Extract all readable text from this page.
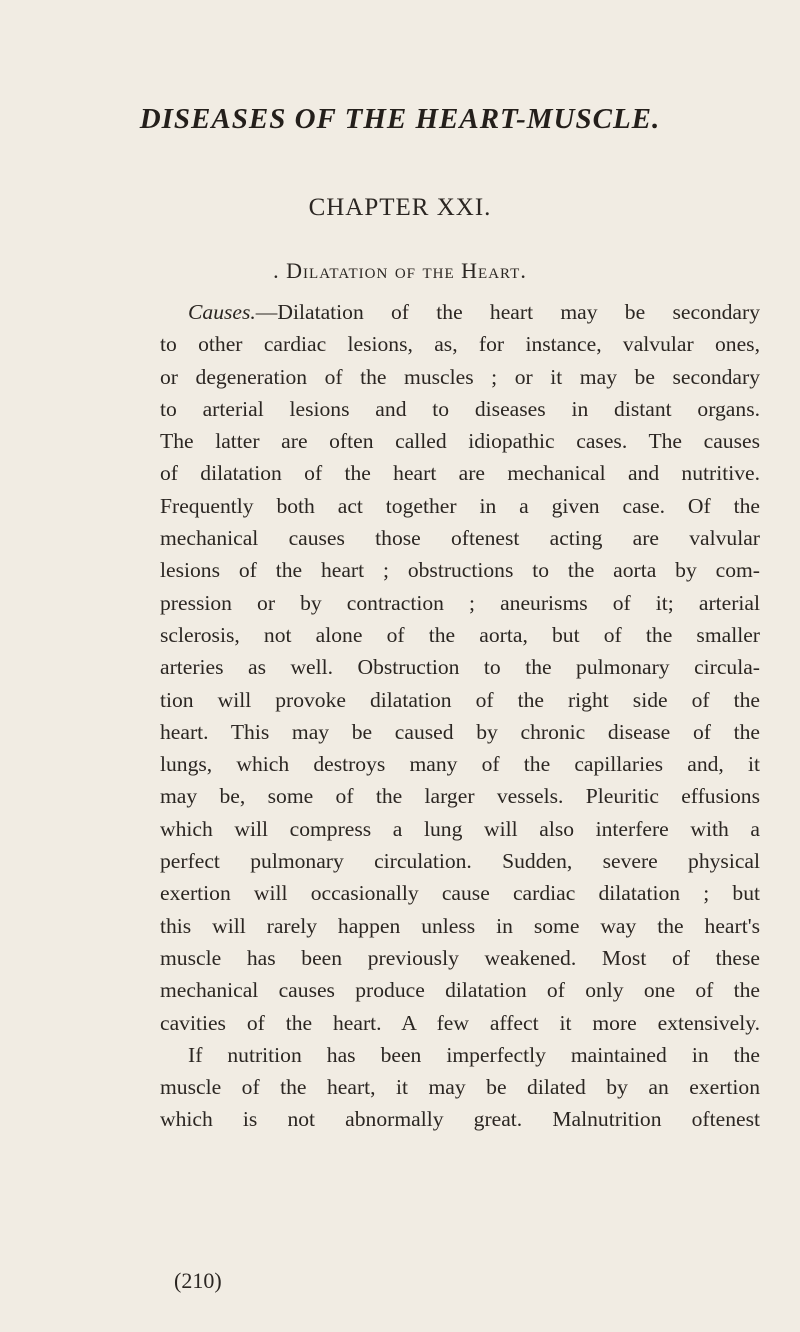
DISEASES OF THE HEART-MUSCLE.
CHAPTER XXI.
. Dilatation of the Heart.
Causes.—Dilatation of the heart may be secondary
to other cardiac lesions, as, for instance, valvular ones,
or degeneration of the muscles ; or it may be secondary
to arterial lesions and to diseases in distant organs.
The latter are often called idiopathic cases. The causes
of dilatation of the heart are mechanical and nutritive.
Frequently both act together in a given case. Of the
mechanical causes those oftenest acting are valvular
lesions of the heart ; obstructions to the aorta by com-
pression or by contraction ; aneurisms of it; arterial
sclerosis, not alone of the aorta, but of the smaller
arteries as well. Obstruction to the pulmonary circula-
tion will provoke dilatation of the right side of the
heart. This may be caused by chronic disease of the
lungs, which destroys many of the capillaries and, it
may be, some of the larger vessels. Pleuritic effusions
which will compress a lung will also interfere with a
perfect pulmonary circulation. Sudden, severe physical
exertion will occasionally cause cardiac dilatation ; but
this will rarely happen unless in some way the heart's
muscle has been previously weakened. Most of these
mechanical causes produce dilatation of only one of the
cavities of the heart. A few affect it more extensively.
If nutrition has been imperfectly maintained in the
muscle of the heart, it may be dilated by an exertion
which is not abnormally great. Malnutrition oftenest
(210)
